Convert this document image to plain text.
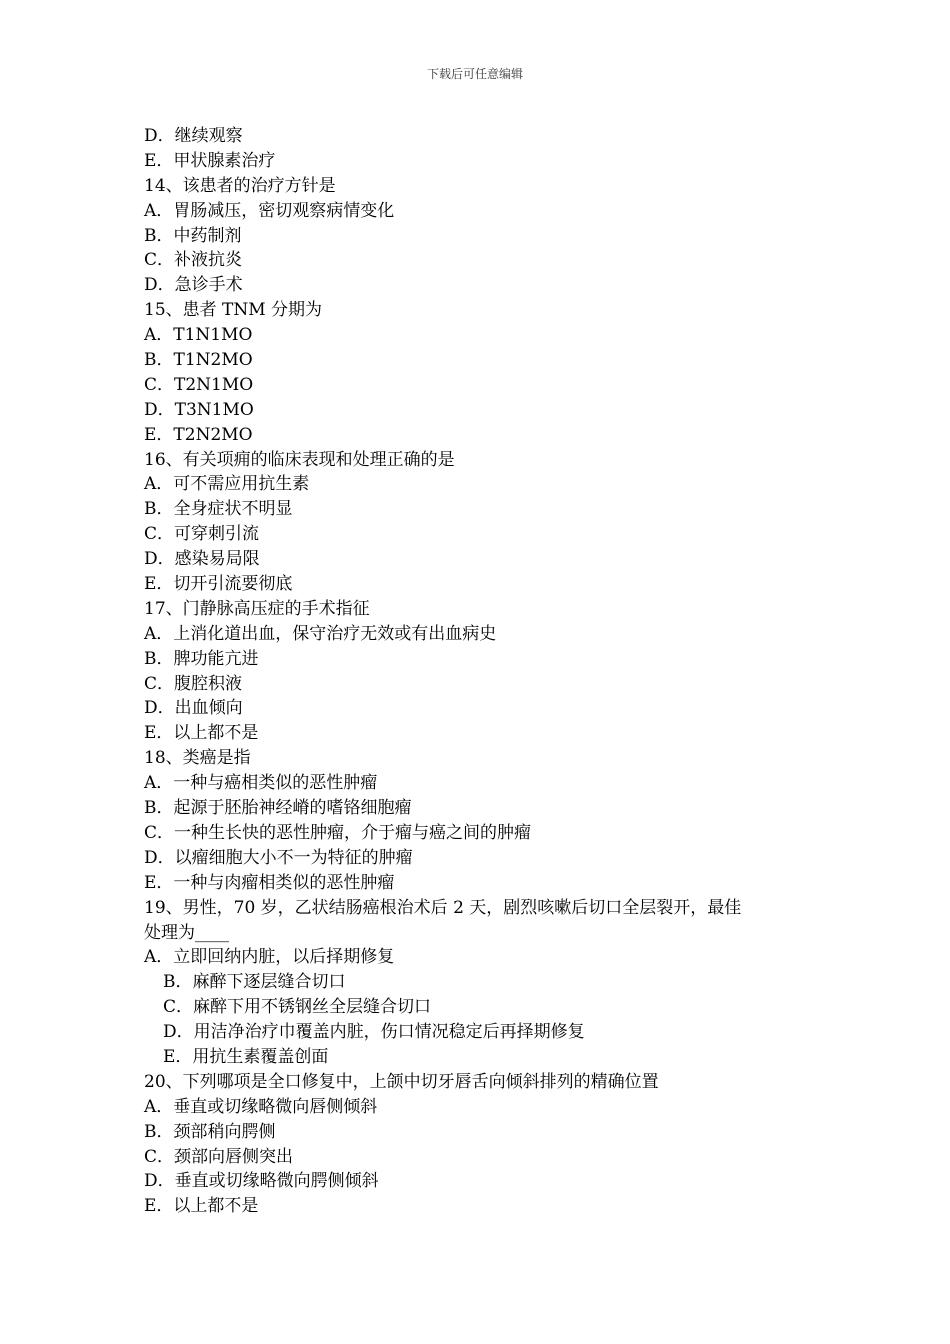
下载后可任意编辑
D．继续观察
E．甲状腺素治疗
14、该患者的治疗方针是
A．胃肠减压，密切观察病情变化
B．中药制剂
C．补液抗炎
D．急诊手术
15、患者 TNM 分期为
A．T1N1MO
B．T1N2MO
C．T2N1MO
D．T3N1MO
E．T2N2MO
16、有关项痈的临床表现和处理正确的是
A．可不需应用抗生素
B．全身症状不明显
C．可穿刺引流
D．感染易局限
E．切开引流要彻底
17、门静脉高压症的手术指征
A．上消化道出血，保守治疗无效或有出血病史
B．脾功能亢进
C．腹腔积液
D．出血倾向
E．以上都不是
18、类癌是指
A．一种与癌相类似的恶性肿瘤
B．起源于胚胎神经嵴的嗜铬细胞瘤
C．一种生长快的恶性肿瘤，介于瘤与癌之间的肿瘤
D．以瘤细胞大小不一为特征的肿瘤
E．一种与肉瘤相类似的恶性肿瘤
19、男性，70 岁，乙状结肠癌根治术后 2 天，剧烈咳嗽后切口全层裂开，最佳
处理为____
A．立即回纳内脏，以后择期修复
B．麻醉下逐层缝合切口
C．麻醉下用不锈钢丝全层缝合切口
D．用洁净治疗巾覆盖内脏，伤口情况稳定后再择期修复
E．用抗生素覆盖创面
20、下列哪项是全口修复中，上颌中切牙唇舌向倾斜排列的精确位置
A．垂直或切缘略微向唇侧倾斜
B．颈部稍向腭侧
C．颈部向唇侧突出
D．垂直或切缘略微向腭侧倾斜
E．以上都不是
